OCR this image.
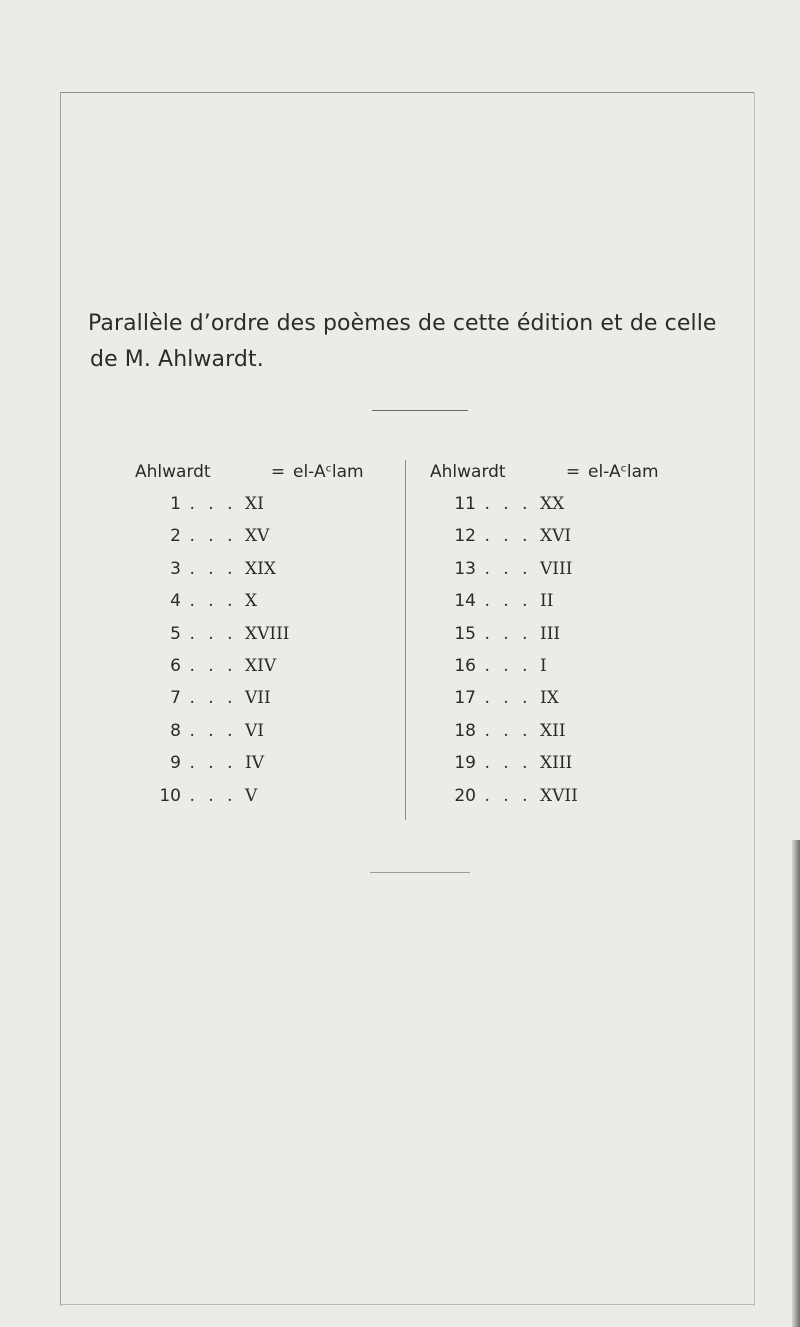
Parallèle d’ordre des poèmes de cette édition et de celle
de M. Ahlwardt.
Ahlwardt	= el-Aᶜlam
1 . . . XI
2 . . . XV
3 . . . XIX
4 . . . X
5 . . . XVIII
6 . . . XIV
7 . . . VII
8 . . . VI
9 . . . IV
10 . . . V
Ahlwardt	= el-Aᶜlam
11 . . . XX
12 . . . XVI
13 . . . VIII
14 . . . II
15 . . . III
16 . . . I
17 . . . IX
18 . . . XII
19 . . . XIII
20 . . . XVII
